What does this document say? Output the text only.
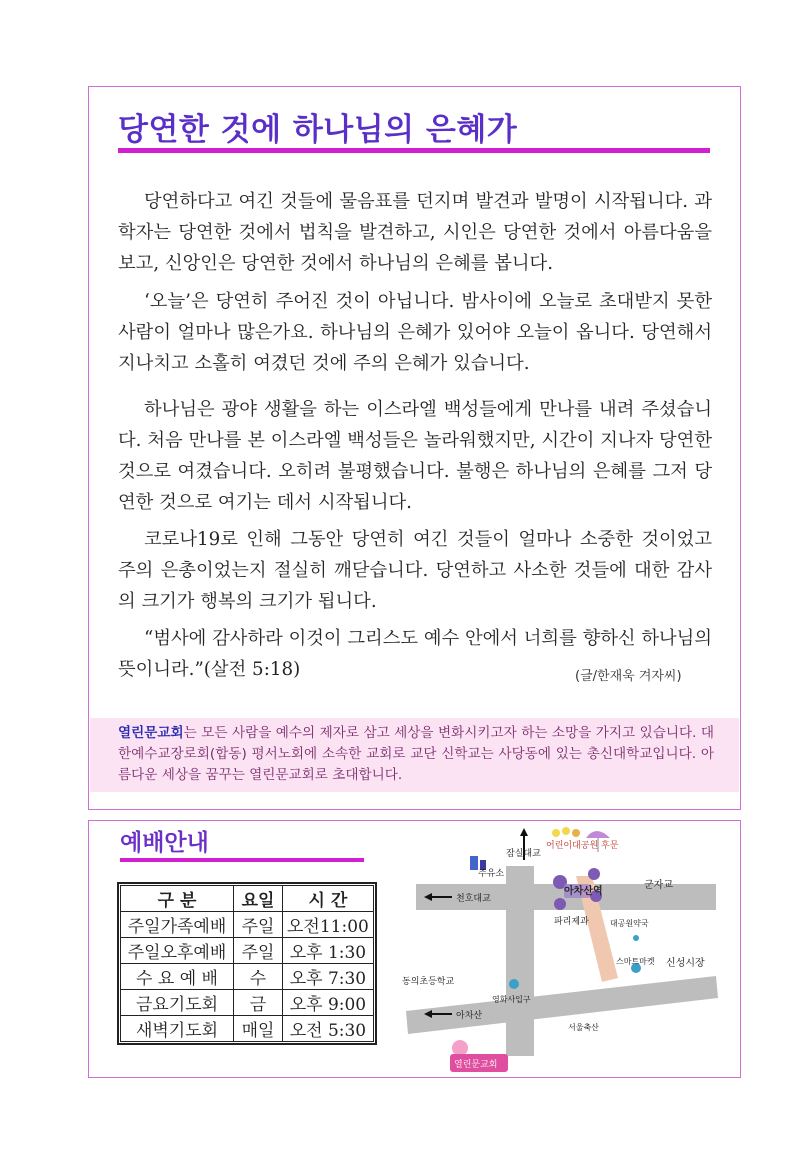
당연한 것에 하나님의 은혜가

당연하다고 여긴 것들에 물음표를 던지며 발견과 발명이 시작됩니다. 과학자는 당연한 것에서 법칙을 발견하고, 시인은 당연한 것에서 아름다움을 보고, 신앙인은 당연한 것에서 하나님의 은혜를 봅니다.

‘오늘’은 당연히 주어진 것이 아닙니다. 밤사이에 오늘로 초대받지 못한 사람이 얼마나 많은가요. 하나님의 은혜가 있어야 오늘이 옵니다. 당연해서 지나치고 소홀히 여겼던 것에 주의 은혜가 있습니다.

하나님은 광야 생활을 하는 이스라엘 백성들에게 만나를 내려 주셨습니다. 처음 만나를 본 이스라엘 백성들은 놀라워했지만, 시간이 지나자 당연한 것으로 여겼습니다. 오히려 불평했습니다. 불행은 하나님의 은혜를 그저 당연한 것으로 여기는 데서 시작됩니다.

코로나19로 인해 그동안 당연히 여긴 것들이 얼마나 소중한 것이었고 주의 은총이었는지 절실히 깨닫습니다. 당연하고 사소한 것들에 대한 감사의 크기가 행복의 크기가 됩니다.

“범사에 감사하라 이것이 그리스도 예수 안에서 너희를 향하신 하나님의 뜻이니라.”(살전 5:18)	(글/한재욱 겨자씨)

열린문교회는 모든 사람을 예수의 제자로 삼고 세상을 변화시키고자 하는 소망을 가지고 있습니다. 대한예수교장로회(합동) 평서노회에 소속한 교회로 교단 신학교는 사당동에 있는 총신대학교입니다. 아름다운 세상을 꿈꾸는 열린문교회로 초대합니다.

예배안내
구 분	요일	시 간
주일가족예배	주일	오전11:00
주일오후예배	주일	오후 1:30
수 요 예 배	수	오후 7:30
금요기도회	금	오후 9:00
새벽기도회	매일	오전 5:30
잠실대교
어린이대공원 후문
주유소
아차산역
군자교
천호대교
파리제과	대공원약국
신성시장
스마트마켓
동의초등학교
영화사입구
아차산
서울축산
열린문교회
